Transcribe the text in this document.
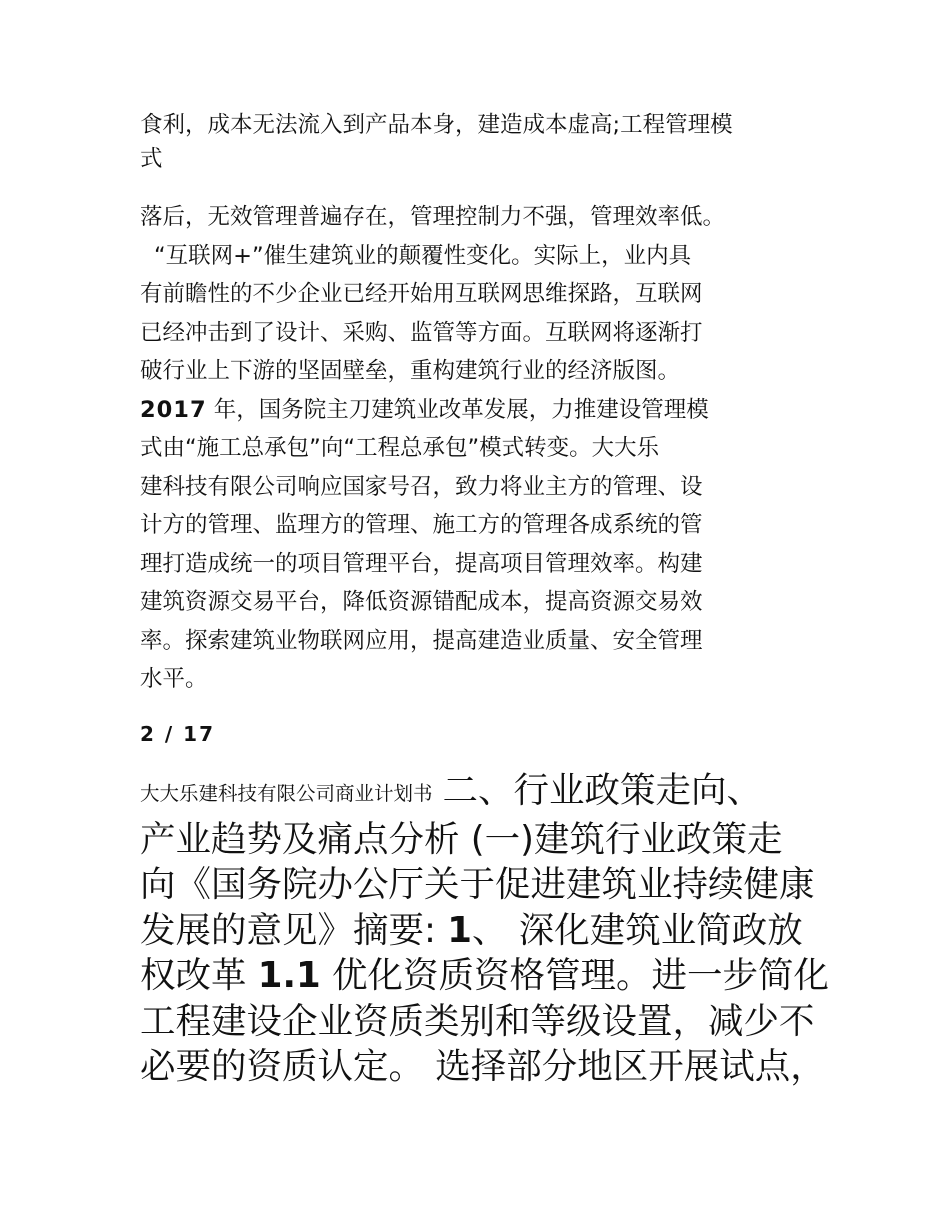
食利，成本无法流入到产品本身，建造成本虚高;工程管理模
式
落后，无效管理普遍存在，管理控制力不强，管理效率低。
“互联网+”催生建筑业的颠覆性变化。实际上，业内具
有前瞻性的不少企业已经开始用互联网思维探路，互联网
已经冲击到了设计、采购、监管等方面。互联网将逐渐打
破行业上下游的坚固壁垒，重构建筑行业的经济版图。
2017 年，国务院主刀建筑业改革发展，力推建设管理模
式由“施工总承包”向“工程总承包”模式转变。大大乐
建科技有限公司响应国家号召，致力将业主方的管理、设
计方的管理、监理方的管理、施工方的管理各成系统的管
理打造成统一的项目管理平台，提高项目管理效率。构建
建筑资源交易平台，降低资源错配成本，提高资源交易效
率。探索建筑业物联网应用，提高建造业质量、安全管理
水平。
2 / 17
大大乐建科技有限公司商业计划书 二、行业政策走向、
产业趋势及痛点分析 (一)建筑行业政策走
向《国务院办公厅关于促进建筑业持续健康
发展的意见》摘要: 1、 深化建筑业简政放
权改革 1.1 优化资质资格管理。进一步简化
工程建设企业资质类别和等级设置，减少不
必要的资质认定。 选择部分地区开展试点，
